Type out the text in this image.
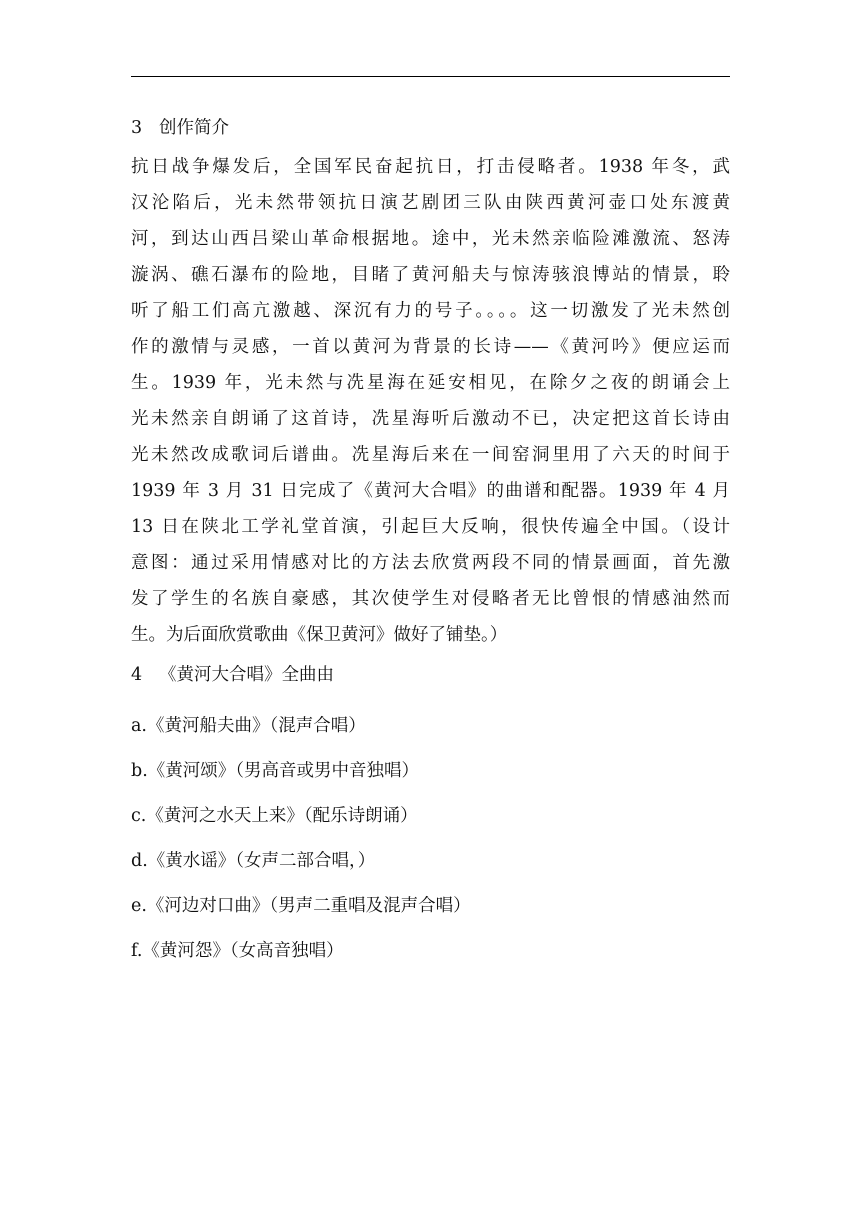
3 创作简介
抗日战争爆发后，全国军民奋起抗日，打击侵略者。1938 年冬，武
汉沦陷后，光未然带领抗日演艺剧团三队由陕西黄河壶口处东渡黄
河，到达山西吕梁山革命根据地。途中，光未然亲临险滩激流、怒涛
漩涡、礁石瀑布的险地，目睹了黄河船夫与惊涛骇浪博站的情景，聆
听了船工们高亢激越、深沉有力的号子。。。。这一切激发了光未然创
作的激情与灵感，一首以黄河为背景的长诗——《黄河吟》便应运而
生。1939 年，光未然与冼星海在延安相见，在除夕之夜的朗诵会上
光未然亲自朗诵了这首诗，冼星海听后激动不已，决定把这首长诗由
光未然改成歌词后谱曲。冼星海后来在一间窑洞里用了六天的时间于
1939 年 3 月 31 日完成了《黄河大合唱》的曲谱和配器。1939 年 4 月
13 日在陕北工学礼堂首演，引起巨大反响，很快传遍全中国。（设计
意图：通过采用情感对比的方法去欣赏两段不同的情景画面，首先激
发了学生的名族自豪感，其次使学生对侵略者无比曾恨的情感油然而
生。为后面欣赏歌曲《保卫黄河》做好了铺垫。）
4 《黄河大合唱》全曲由
a.《黄河船夫曲》（混声合唱）
b.《黄河颂》（男高音或男中音独唱）
c.《黄河之水天上来》（配乐诗朗诵）
d.《黄水谣》（女声二部合唱，）
e.《河边对口曲》（男声二重唱及混声合唱）
f.《黄河怨》（女高音独唱）
